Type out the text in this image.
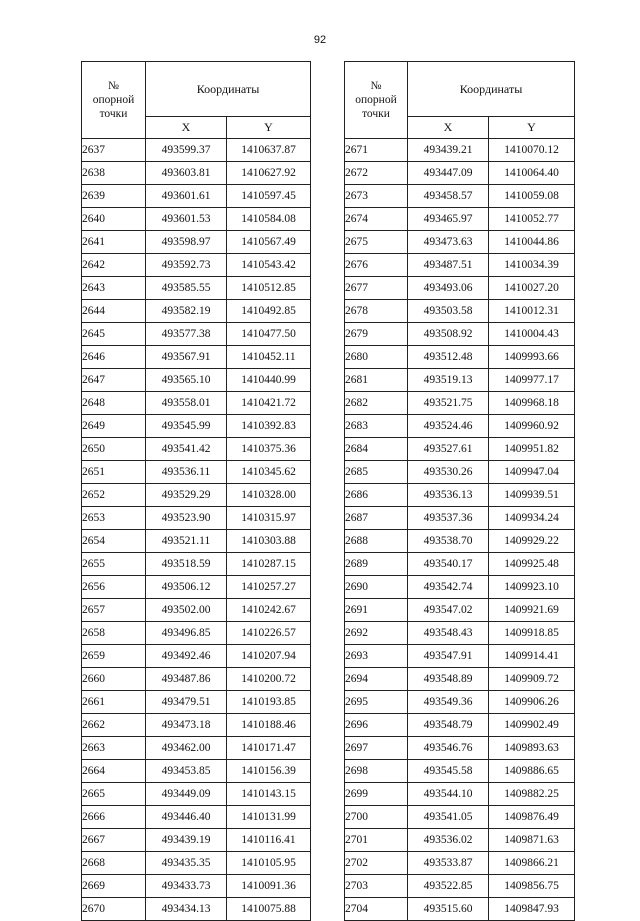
92
№
опорной
точки	Координаты	
	X	Y
2637	493599.37	1410637.87
2638	493603.81	1410627.92
2639	493601.61	1410597.45
2640	493601.53	1410584.08
2641	493598.97	1410567.49
2642	493592.73	1410543.42
2643	493585.55	1410512.85
2644	493582.19	1410492.85
2645	493577.38	1410477.50
2646	493567.91	1410452.11
2647	493565.10	1410440.99
2648	493558.01	1410421.72
2649	493545.99	1410392.83
2650	493541.42	1410375.36
2651	493536.11	1410345.62
2652	493529.29	1410328.00
2653	493523.90	1410315.97
2654	493521.11	1410303.88
2655	493518.59	1410287.15
2656	493506.12	1410257.27
2657	493502.00	1410242.67
2658	493496.85	1410226.57
2659	493492.46	1410207.94
2660	493487.86	1410200.72
2661	493479.51	1410193.85
2662	493473.18	1410188.46
2663	493462.00	1410171.47
2664	493453.85	1410156.39
2665	493449.09	1410143.15
2666	493446.40	1410131.99
2667	493439.19	1410116.41
2668	493435.35	1410105.95
2669	493433.73	1410091.36
2670	493434.13	1410075.88
№
опорной
точки	Координаты	
	X	Y
2671	493439.21	1410070.12
2672	493447.09	1410064.40
2673	493458.57	1410059.08
2674	493465.97	1410052.77
2675	493473.63	1410044.86
2676	493487.51	1410034.39
2677	493493.06	1410027.20
2678	493503.58	1410012.31
2679	493508.92	1410004.43
2680	493512.48	1409993.66
2681	493519.13	1409977.17
2682	493521.75	1409968.18
2683	493524.46	1409960.92
2684	493527.61	1409951.82
2685	493530.26	1409947.04
2686	493536.13	1409939.51
2687	493537.36	1409934.24
2688	493538.70	1409929.22
2689	493540.17	1409925.48
2690	493542.74	1409923.10
2691	493547.02	1409921.69
2692	493548.43	1409918.85
2693	493547.91	1409914.41
2694	493548.89	1409909.72
2695	493549.36	1409906.26
2696	493548.79	1409902.49
2697	493546.76	1409893.63
2698	493545.58	1409886.65
2699	493544.10	1409882.25
2700	493541.05	1409876.49
2701	493536.02	1409871.63
2702	493533.87	1409866.21
2703	493522.85	1409856.75
2704	493515.60	1409847.93
